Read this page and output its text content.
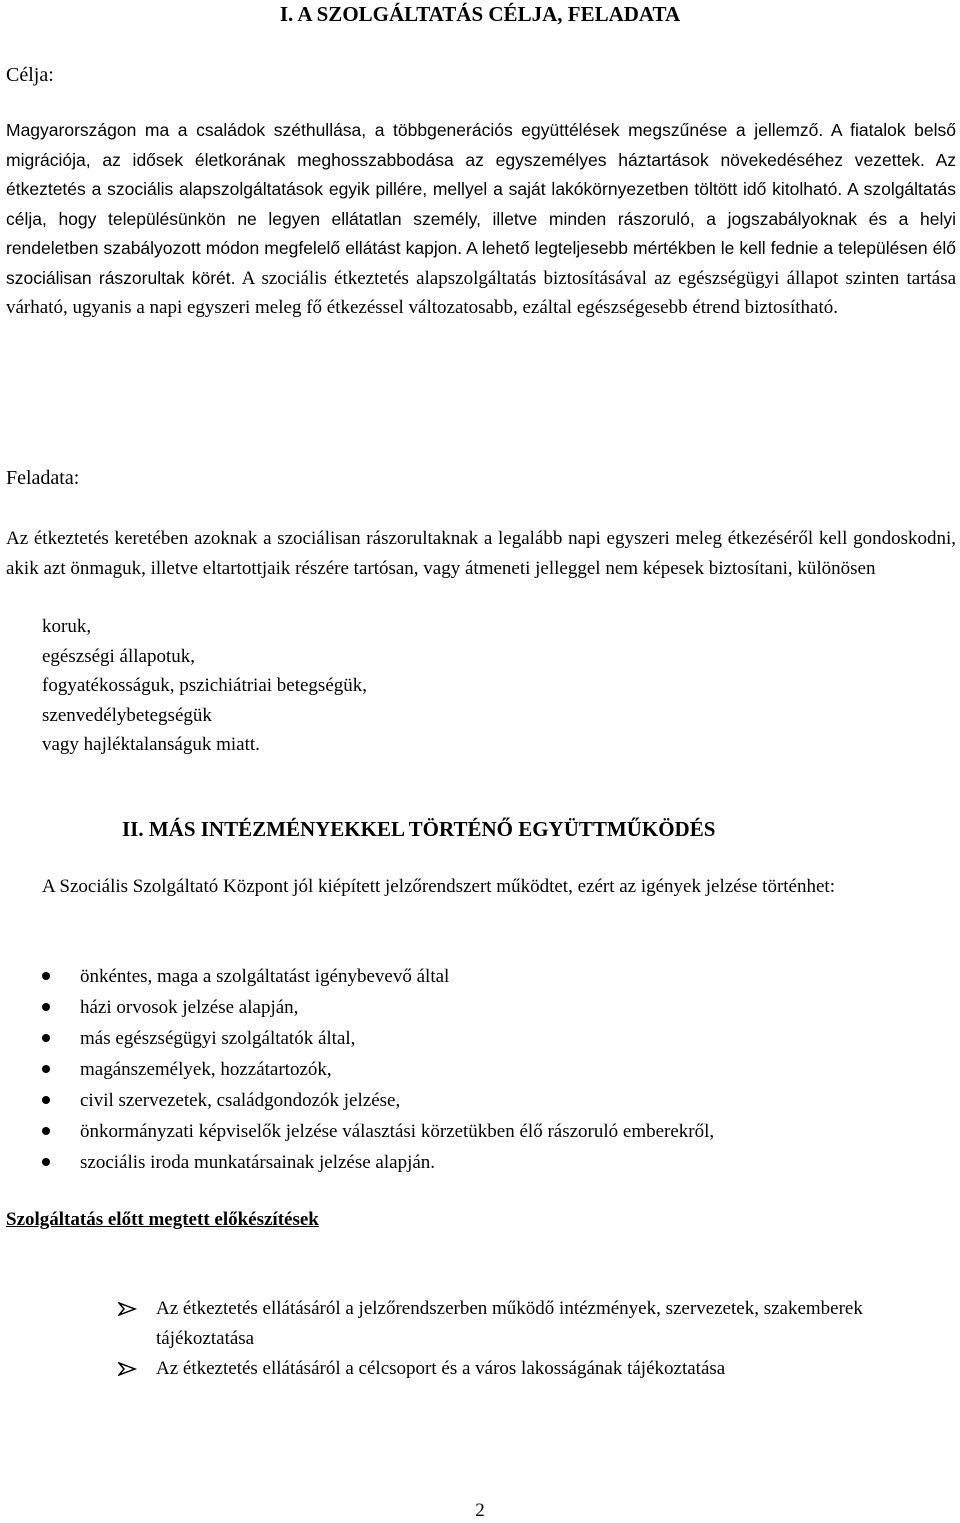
I. A SZOLGÁLTATÁS CÉLJA, FELADATA
Célja:
Magyarországon ma a családok széthullása, a többgenerációs együttélések megszűnése a jellemző. A fiatalok belső migrációja, az idősek életkorának meghosszabbodása az egyszemélyes háztartások növekedéséhez vezettek. Az étkeztetés a szociális alapszolgáltatások egyik pillére, mellyel a saját lakókörnyezetben töltött idő kitolható. A szolgáltatás célja, hogy településünkön ne legyen ellátatlan személy, illetve minden rászoruló, a jogszabályoknak és a helyi rendeletben szabályozott módon megfelelő ellátást kapjon. A lehető legteljesebb mértékben le kell fednie a településen élő szociálisan rászorultak körét. A szociális étkeztetés alapszolgáltatás biztosításával az egészségügyi állapot szinten tartása várható, ugyanis a napi egyszeri meleg fő étkezéssel változatosabb, ezáltal egészségesebb étrend biztosítható.
Feladata:
Az étkeztetés keretében azoknak a szociálisan rászorultaknak a legalább napi egyszeri meleg étkezéséről kell gondoskodni, akik azt önmaguk, illetve eltartottjaik részére tartósan, vagy átmeneti jelleggel nem képesek biztosítani, különösen
koruk,
egészségi állapotuk,
fogyatékosságuk, pszichiátriai betegségük,
szenvedélybetegségük
vagy hajléktalanságuk miatt.
II. MÁS INTÉZMÉNYEKKEL TÖRTÉNŐ EGYÜTTMŰKÖDÉS
A Szociális Szolgáltató Központ jól kiépített jelzőrendszert működtet, ezért az igények jelzése történhet:
önkéntes, maga a szolgáltatást igénybevevő által
házi orvosok jelzése alapján,
más egészségügyi szolgáltatók által,
magánszemélyek, hozzátartozók,
civil szervezetek, családgondozók jelzése,
önkormányzati képviselők jelzése választási körzetükben élő rászoruló emberekről,
szociális iroda munkatársainak jelzése alapján.
Szolgáltatás előtt megtett előkészítések
Az étkeztetés ellátásáról a jelzőrendszerben működő intézmények, szervezetek, szakemberek tájékoztatása
Az étkeztetés ellátásáról a célcsoport és a város lakosságának tájékoztatása
2
